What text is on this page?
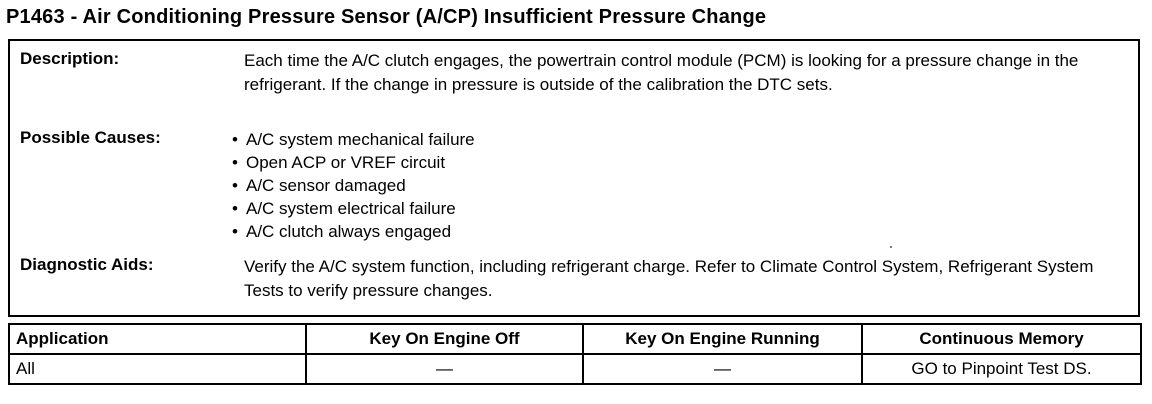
P1463 - Air Conditioning Pressure Sensor (A/CP) Insufficient Pressure Change
Description:	Each time the A/C clutch engages, the powertrain control module (PCM) is looking for a pressure change in the refrigerant. If the change in pressure is outside of the calibration the DTC sets.

Possible Causes:	• A/C system mechanical failure
• Open ACP or VREF circuit
• A/C sensor damaged
• A/C system electrical failure
• A/C clutch always engaged
Diagnostic Aids:	Verify the A/C system function, including refrigerant charge. Refer to Climate Control System, Refrigerant System Tests to verify pressure changes.

Application	Key On Engine Off	Key On Engine Running	Continuous Memory
All	—	—	GO to Pinpoint Test DS.
